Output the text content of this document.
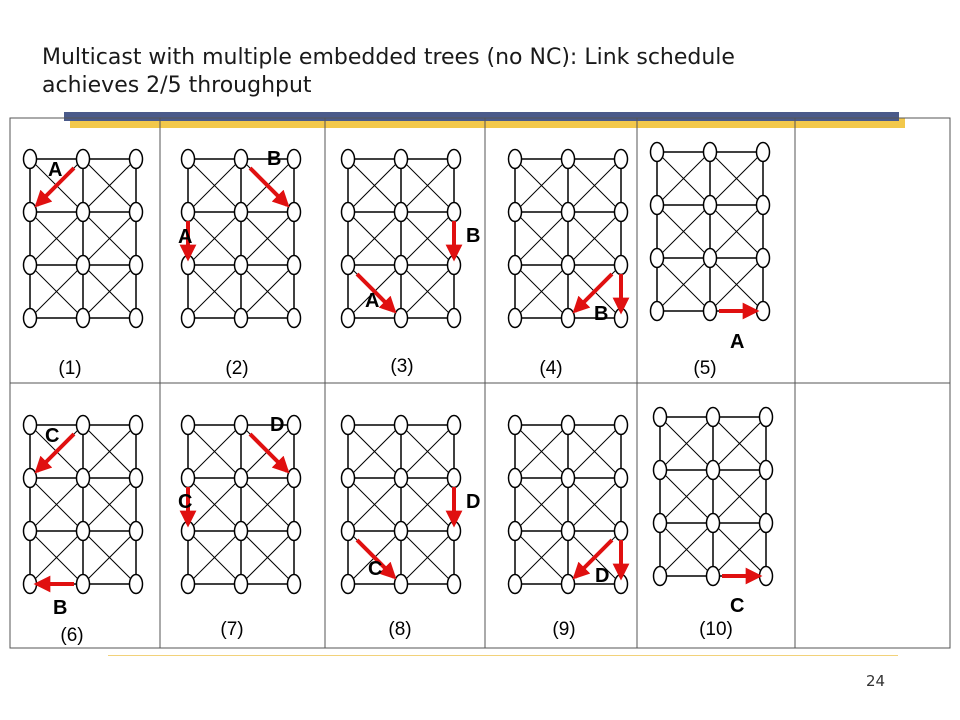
Multicast with multiple embedded trees (no NC): Link schedule
achieves 2/5 throughput
A
(1)
B
A
(2)
B
A
(3)
B
(4)
A
(5)
C
B
(6)
D
C
(7)
D
C
(8)
D
(9)
C
(10)
24
